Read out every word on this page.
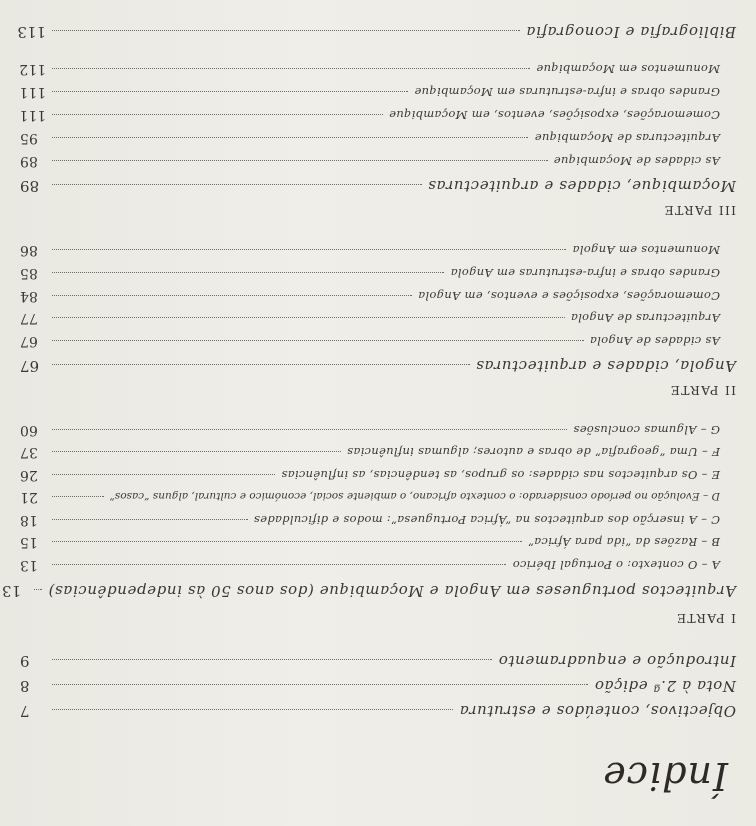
Índice
Objectivos, conteúdos e estrutura
7
Nota à 2.ª edição
8
Introdução e enquadramento
9
I PARTE
Arquitectos portugueses em Angola e Moçambique (dos anos 50 às independências)
13
A – O contexto: o Portugal Ibérico
13
B – Razões da “ida para África”
15
C – A inserção dos arquitectos na “África Portuguesa”: modos e dificuldades
18
D – Evolução no período considerado: o contexto africano, o ambiente social, económico e cultural, alguns “casos”
21
E – Os arquitectos nas cidades: os grupos, as tendências, as influências
26
F – Uma “geografia” de obras e autores; algumas influências
37
G – Algumas conclusões
60
II PARTE
Angola, cidades e arquitecturas
67
As cidades de Angola
67
Arquitecturas de Angola
77
Comemorações, exposições e eventos, em Angola
84
Grandes obras e infra-estruturas em Angola
85
Monumentos em Angola
86
III PARTE
Moçambique, cidades e arquitecturas
89
As cidades de Moçambique
89
Arquitecturas de Moçambique
95
Comemorações, exposições, eventos, em Moçambique
111
Grandes obras e infra-estruturas em Moçambique
111
Monumentos em Moçambique
112
Bibliografia e Iconografia
113
